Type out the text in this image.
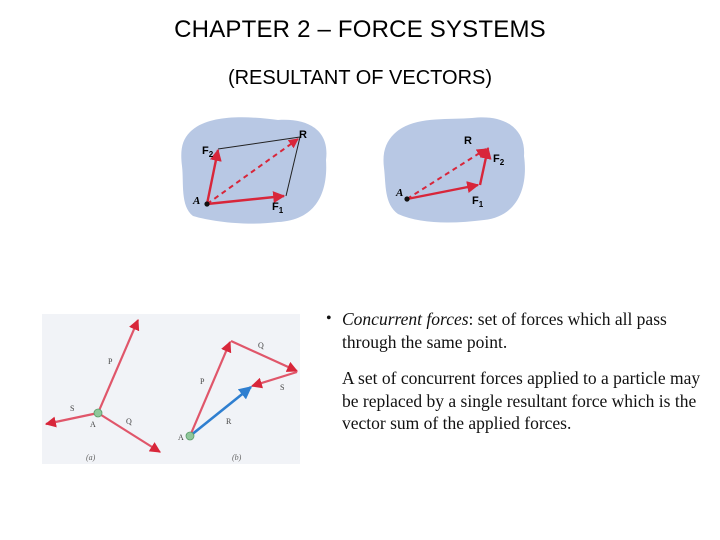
CHAPTER 2 – FORCE SYSTEMS
(RESULTANT OF VECTORS)
$F_2$
R
A	$F_1$
R
$F_2$
A
$F_1$
P
S
Q
A
(a)
Q
P
S
R
A
(b)
• Concurrent forces: set of forces which all pass through the same point.

A set of concurrent forces applied to a particle may be replaced by a single resultant force which is the vector sum of the applied forces.
